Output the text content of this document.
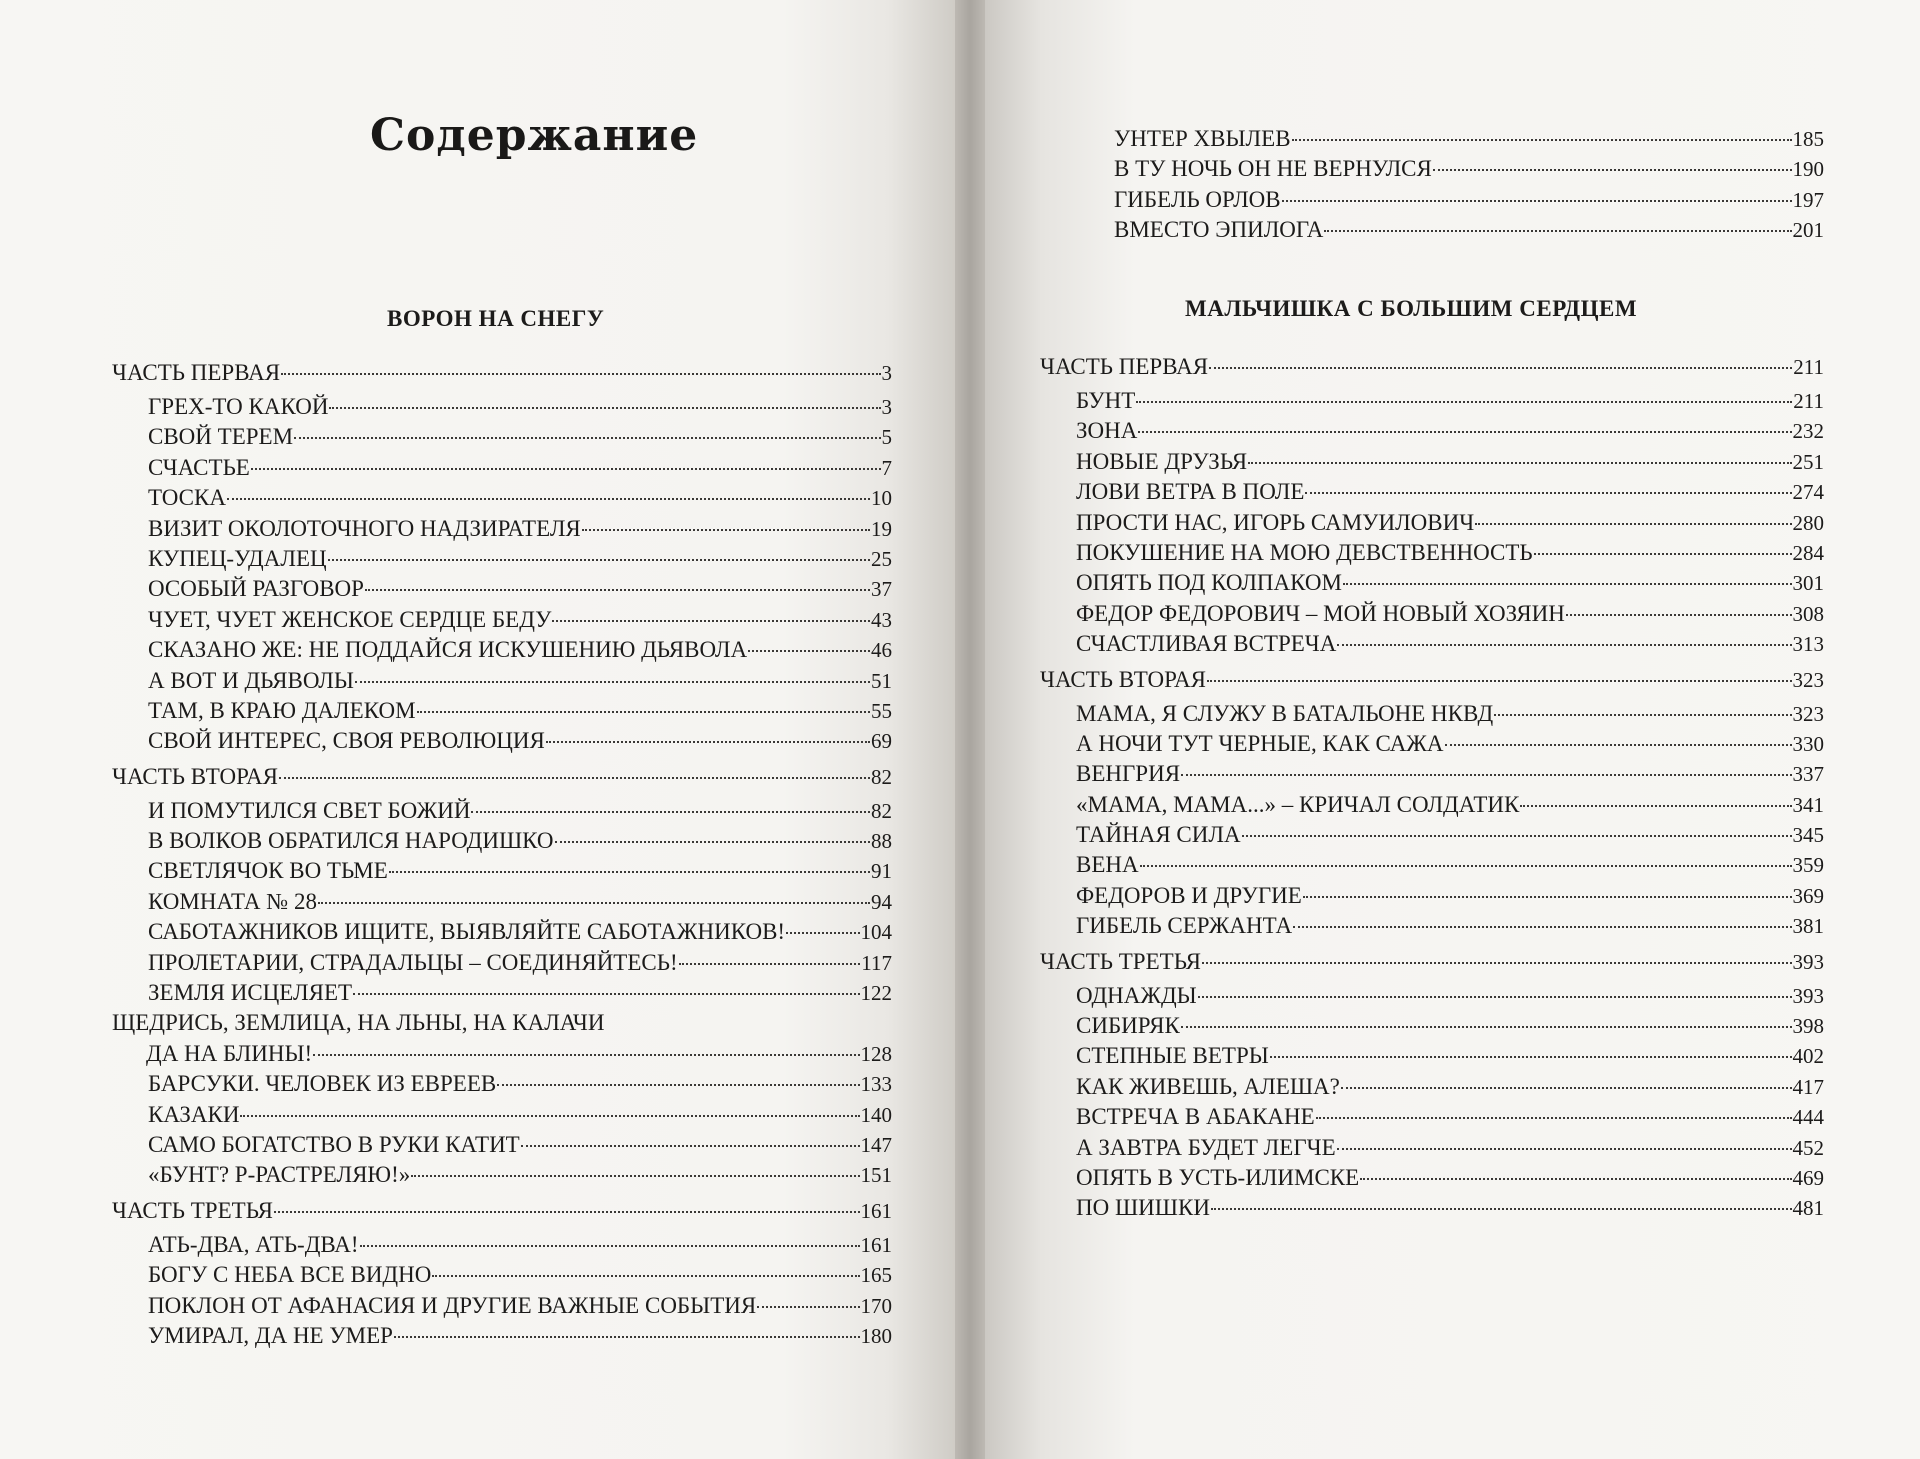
Содержание
ВОРОН НА СНЕГУ
ЧАСТЬ ПЕРВАЯ	3
ГРЕХ-ТО КАКОЙ	3
СВОЙ ТЕРЕМ	5
СЧАСТЬЕ	7
ТОСКА	10
ВИЗИТ ОКОЛОТОЧНОГО НАДЗИРАТЕЛЯ	19
КУПЕЦ-УДАЛЕЦ	25
ОСОБЫЙ РАЗГОВОР	37
ЧУЕТ, ЧУЕТ ЖЕНСКОЕ СЕРДЦЕ БЕДУ	43
СКАЗАНО ЖЕ: НЕ ПОДДАЙСЯ ИСКУШЕНИЮ ДЬЯВОЛА	46
А ВОТ И ДЬЯВОЛЫ	51
ТАМ, В КРАЮ ДАЛЕКОМ	55
СВОЙ ИНТЕРЕС, СВОЯ РЕВОЛЮЦИЯ	69
ЧАСТЬ ВТОРАЯ	82
И ПОМУТИЛСЯ СВЕТ БОЖИЙ	82
В ВОЛКОВ ОБРАТИЛСЯ НАРОДИШКО	88
СВЕТЛЯЧОК ВО ТЬМЕ	91
КОМНАТА № 28	94
САБОТАЖНИКОВ ИЩИТЕ, ВЫЯВЛЯЙТЕ САБОТАЖНИКОВ!	104
ПРОЛЕТАРИИ, СТРАДАЛЬЦЫ – СОЕДИНЯЙТЕСЬ!	117
ЗЕМЛЯ ИСЦЕЛЯЕТ	122
ЩЕДРИСЬ, ЗЕМЛИЦА, НА ЛЬНЫ, НА КАЛАЧИ
ДА НА БЛИНЫ!	128
БАРСУКИ. ЧЕЛОВЕК ИЗ ЕВРЕЕВ	133
КАЗАКИ	140
САМО БОГАТСТВО В РУКИ КАТИТ	147
«БУНТ? Р-РАСТРЕЛЯЮ!»	151
ЧАСТЬ ТРЕТЬЯ	161
АТЬ-ДВА, АТЬ-ДВА!	161
БОГУ С НЕБА ВСЕ ВИДНО	165
ПОКЛОН ОТ АФАНАСИЯ И ДРУГИЕ ВАЖНЫЕ СОБЫТИЯ	170
УМИРАЛ, ДА НЕ УМЕР	180
УНТЕР ХВЫЛЕВ	185
В ТУ НОЧЬ ОН НЕ ВЕРНУЛСЯ	190
ГИБЕЛЬ ОРЛОВ	197
ВМЕСТО ЭПИЛОГА	201
МАЛЬЧИШКА С БОЛЬШИМ СЕРДЦЕМ
ЧАСТЬ ПЕРВАЯ	211
БУНТ	211
ЗОНА	232
НОВЫЕ ДРУЗЬЯ	251
ЛОВИ ВЕТРА В ПОЛЕ	274
ПРОСТИ НАС, ИГОРЬ САМУИЛОВИЧ	280
ПОКУШЕНИЕ НА МОЮ ДЕВСТВЕННОСТЬ	284
ОПЯТЬ ПОД КОЛПАКОМ	301
ФЕДОР ФЕДОРОВИЧ – МОЙ НОВЫЙ ХОЗЯИН	308
СЧАСТЛИВАЯ ВСТРЕЧА	313
ЧАСТЬ ВТОРАЯ	323
МАМА, Я СЛУЖУ В БАТАЛЬОНЕ НКВД	323
А НОЧИ ТУТ ЧЕРНЫЕ, КАК САЖА	330
ВЕНГРИЯ	337
«МАМА, МАМА...» – КРИЧАЛ СОЛДАТИК	341
ТАЙНАЯ СИЛА	345
ВЕНА	359
ФЕДОРОВ И ДРУГИЕ	369
ГИБЕЛЬ СЕРЖАНТА	381
ЧАСТЬ ТРЕТЬЯ	393
ОДНАЖДЫ	393
СИБИРЯК	398
СТЕПНЫЕ ВЕТРЫ	402
КАК ЖИВЕШЬ, АЛЕША?	417
ВСТРЕЧА В АБАКАНЕ	444
А ЗАВТРА БУДЕТ ЛЕГЧЕ	452
ОПЯТЬ В УСТЬ-ИЛИМСКЕ	469
ПО ШИШКИ	481
